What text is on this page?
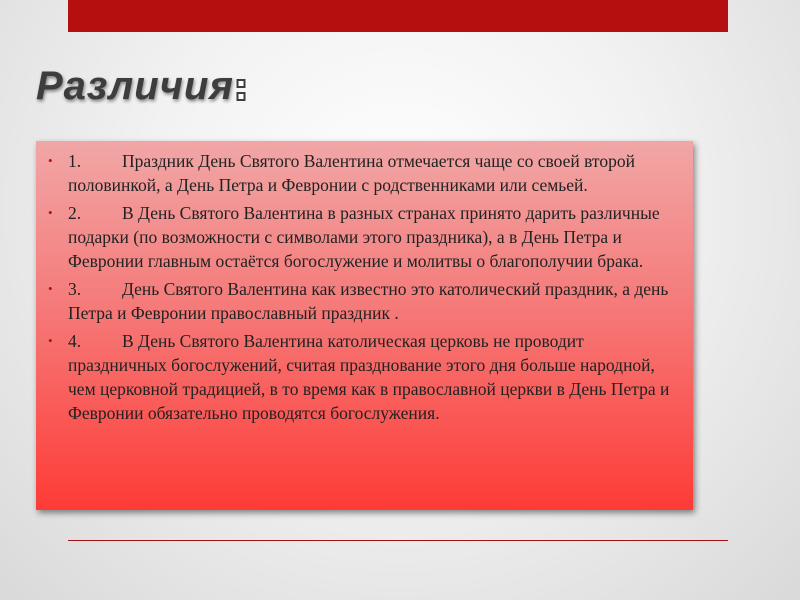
Различия
• 1. Праздник День Святого Валентина отмечается чаще со своей второй половинкой, а День Петра и Февронии с родственниками или семьей.
• 2. В День Святого Валентина в разных странах принято дарить различные подарки (по возможности с символами этого праздника), а в День Петра и Февронии главным остаётся богослужение и молитвы о благополучии брака.
• 3. День Святого Валентина как известно это католический праздник, а день Петра и Февронии православный праздник .
• 4. В День Святого Валентина католическая церковь не проводит праздничных богослужений, считая празднование этого дня больше народной, чем церковной традицией, в то время как в православной церкви в День Петра и Февронии обязательно проводятся богослужения.
